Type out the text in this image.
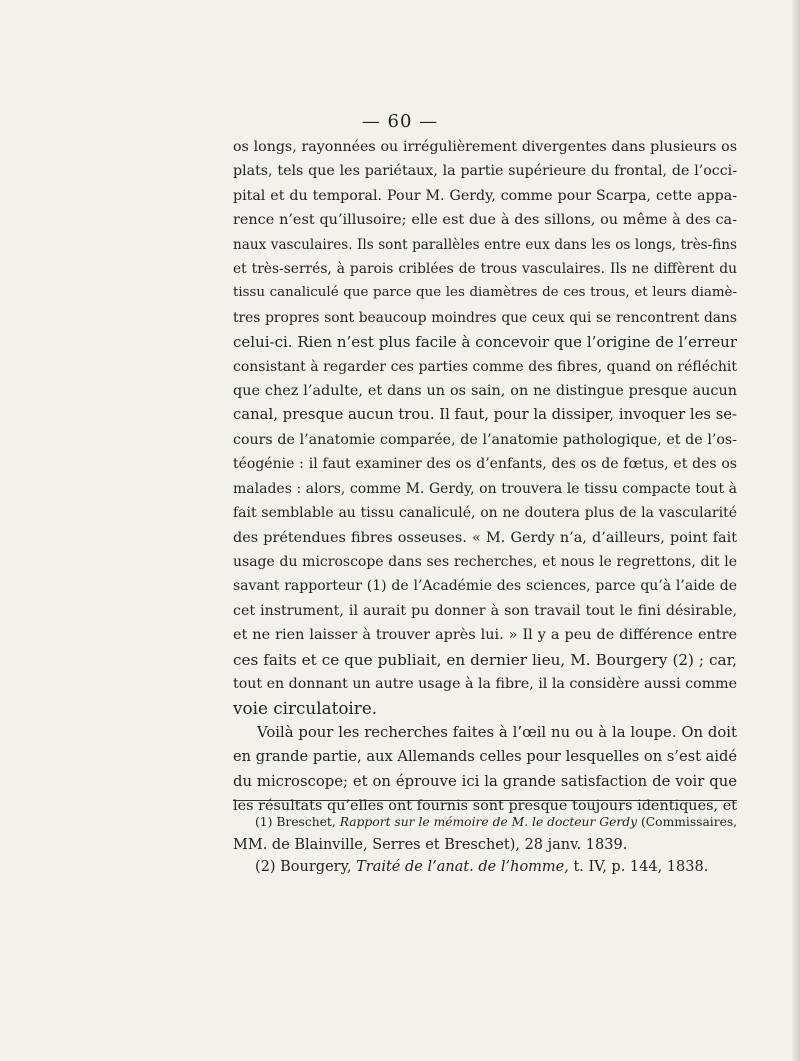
— 60 —
os longs, rayonnées ou irrégulièrement divergentes dans plusieurs os
plats, tels que les pariétaux, la partie supérieure du frontal, de l’occi-
pital et du temporal. Pour M. Gerdy, comme pour Scarpa, cette appa-
rence n’est qu’illusoire; elle est due à des sillons, ou même à des ca-
naux vasculaires. Ils sont parallèles entre eux dans les os longs, très-fins
et très-serrés, à parois criblées de trous vasculaires. Ils ne diffèrent du
tissu canaliculé que parce que les diamètres de ces trous, et leurs diamè-
tres propres sont beaucoup moindres que ceux qui se rencontrent dans
celui-ci. Rien n’est plus facile à concevoir que l’origine de l’erreur
consistant à regarder ces parties comme des fibres, quand on réfléchit
que chez l’adulte, et dans un os sain, on ne distingue presque aucun
canal, presque aucun trou. Il faut, pour la dissiper, invoquer les se-
cours de l’anatomie comparée, de l’anatomie pathologique, et de l’os-
téogénie : il faut examiner des os d’enfants, des os de fœtus, et des os
malades : alors, comme M. Gerdy, on trouvera le tissu compacte tout à
fait semblable au tissu canaliculé, on ne doutera plus de la vascularité
des prétendues fibres osseuses. « M. Gerdy n’a, d’ailleurs, point fait
usage du microscope dans ses recherches, et nous le regrettons, dit le
savant rapporteur (1) de l’Académie des sciences, parce qu’à l’aide de
cet instrument, il aurait pu donner à son travail tout le fini désirable,
et ne rien laisser à trouver après lui. » Il y a peu de différence entre
ces faits et ce que publiait, en dernier lieu, M. Bourgery (2) ; car,
tout en donnant un autre usage à la fibre, il la considère aussi comme
voie circulatoire.
Voilà pour les recherches faites à l’œil nu ou à la loupe. On doit
en grande partie, aux Allemands celles pour lesquelles on s’est aidé
du microscope; et on éprouve ici la grande satisfaction de voir que
les résultats qu’elles ont fournis sont presque toujours identiques, et
(1) Breschet, Rapport sur le mémoire de M. le docteur Gerdy (Commissaires,
MM. de Blainville, Serres et Breschet), 28 janv. 1839.
(2) Bourgery, Traité de l’anat. de l’homme, t. IV, p. 144, 1838.
